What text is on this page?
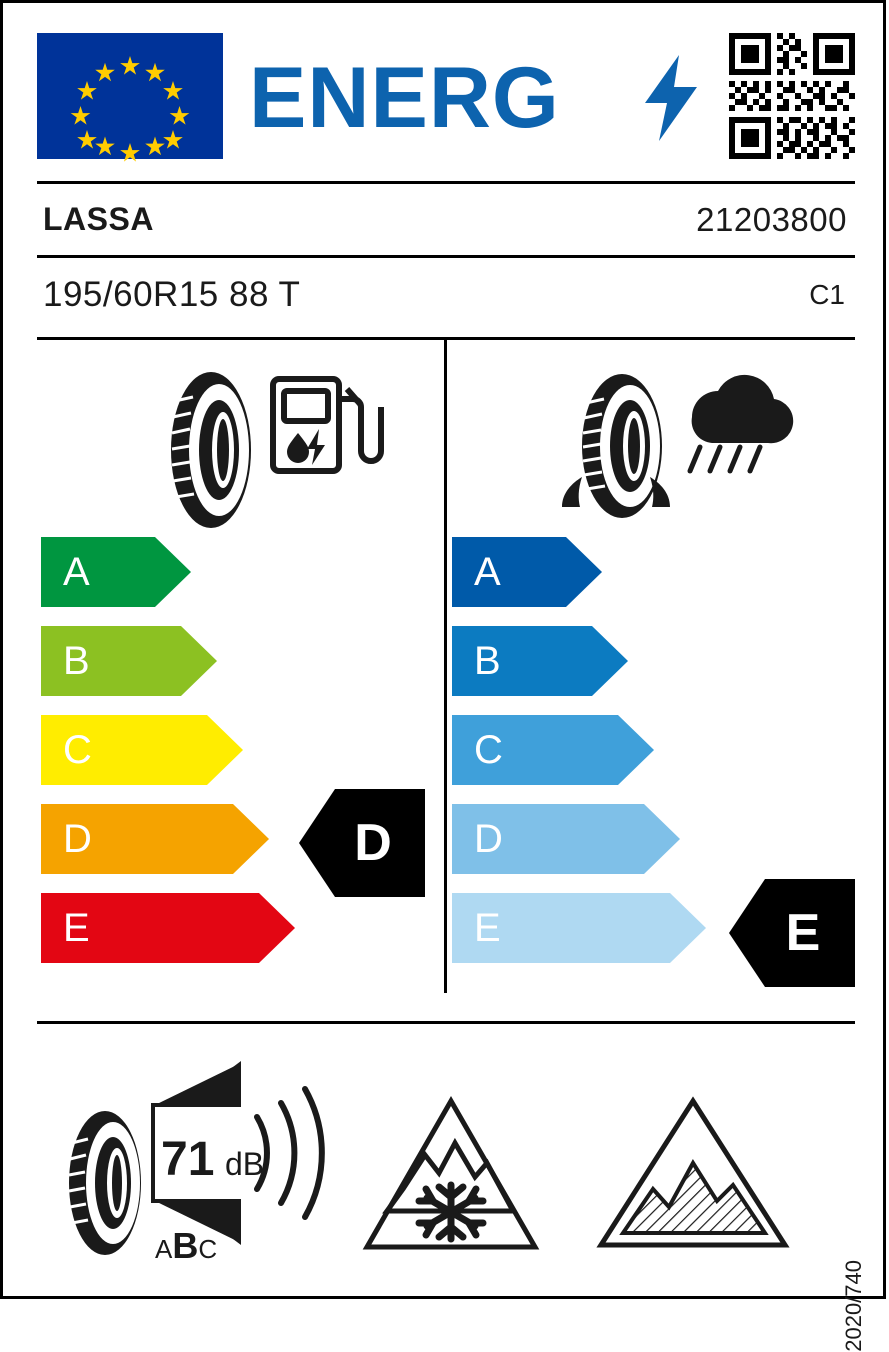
ENERG
LASSA	21203800
195/60R15 88 T	C1
A
B
C
D
E
D
A
B
C
D
E	E
71 dB
ABC
2020/740
